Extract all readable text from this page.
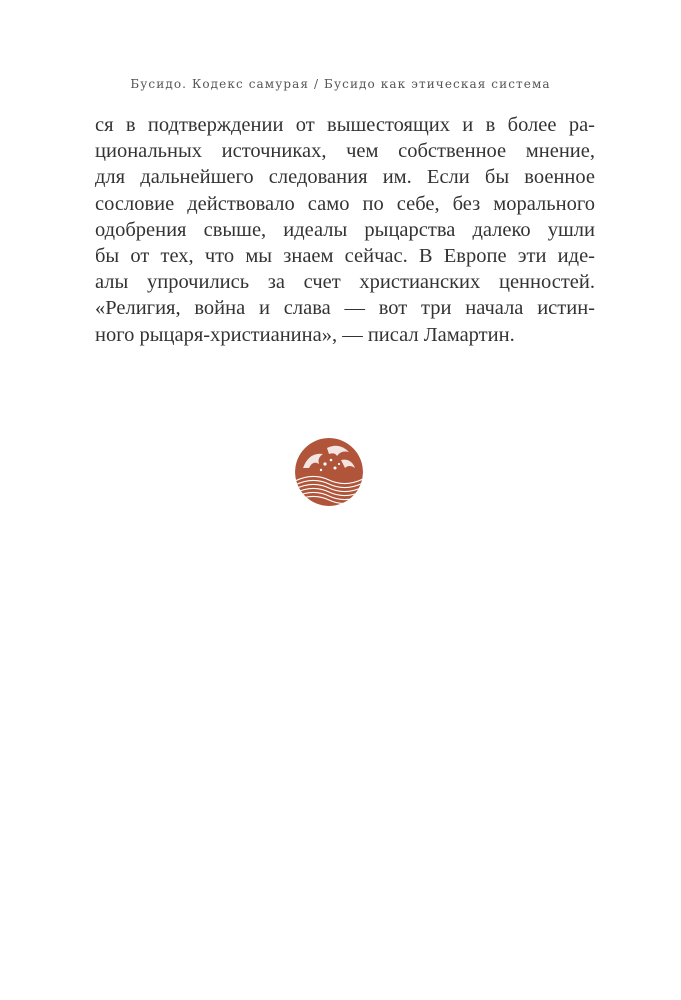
Бусидо. Кодекс самурая / Бусидо как этическая система
ся в подтверждении от вышестоящих и в более ра-
циональных источниках, чем собственное мнение,
для дальнейшего следования им. Если бы военное
сословие действовало само по себе, без морального
одобрения свыше, идеалы рыцарства далеко ушли
бы от тех, что мы знаем сейчас. В Европе эти иде-
алы упрочились за счет христианских ценностей.
«Религия, война и слава — вот три начала истин-
ного рыцаря-христианина», — писал Ламартин.
